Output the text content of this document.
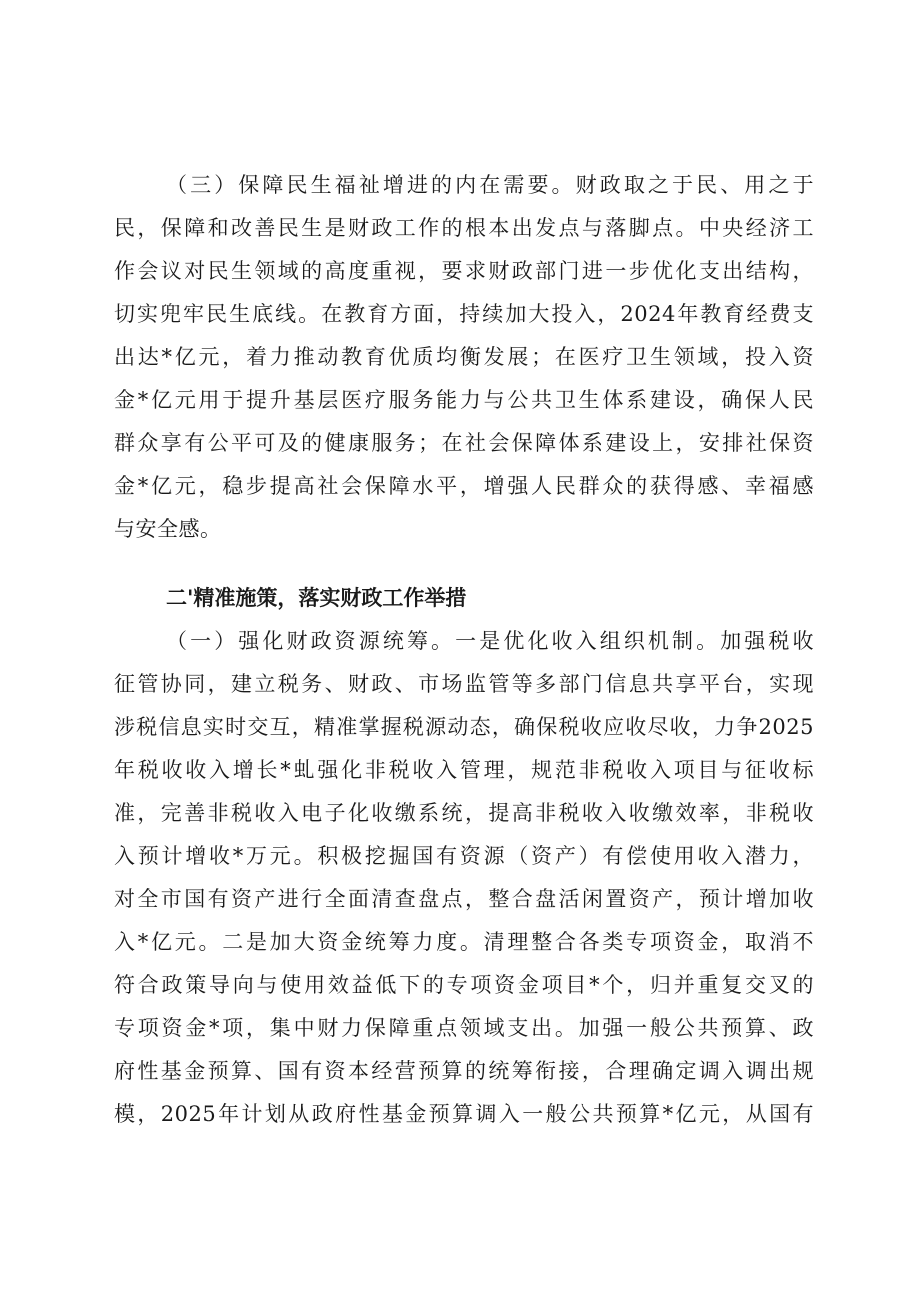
（三）保障民生福祉增进的内在需要。财政取之于民、用之于
民，保障和改善民生是财政工作的根本出发点与落脚点。中央经济工
作会议对民生领域的高度重视，要求财政部门进一步优化支出结构，
切实兜牢民生底线。在教育方面，持续加大投入，2024年教育经费支
出达*亿元，着力推动教育优质均衡发展；在医疗卫生领域，投入资
金*亿元用于提升基层医疗服务能力与公共卫生体系建设，确保人民
群众享有公平可及的健康服务；在社会保障体系建设上，安排社保资
金*亿元，稳步提高社会保障水平，增强人民群众的获得感、幸福感
与安全感。
二'精准施策，落实财政工作举措
（一）强化财政资源统筹。一是优化收入组织机制。加强税收
征管协同，建立税务、财政、市场监管等多部门信息共享平台，实现
涉税信息实时交互，精准掌握税源动态，确保税收应收尽收，力争2025
年税收收入增长*虬强化非税收入管理，规范非税收入项目与征收标
准，完善非税收入电子化收缴系统，提高非税收入收缴效率，非税收
入预计增收*万元。积极挖掘国有资源（资产）有偿使用收入潜力，
对全市国有资产进行全面清查盘点，整合盘活闲置资产，预计增加收
入*亿元。二是加大资金统筹力度。清理整合各类专项资金，取消不
符合政策导向与使用效益低下的专项资金项目*个，归并重复交叉的
专项资金*项，集中财力保障重点领域支出。加强一般公共预算、政
府性基金预算、国有资本经营预算的统筹衔接，合理确定调入调出规
模，2025年计划从政府性基金预算调入一般公共预算*亿元，从国有
